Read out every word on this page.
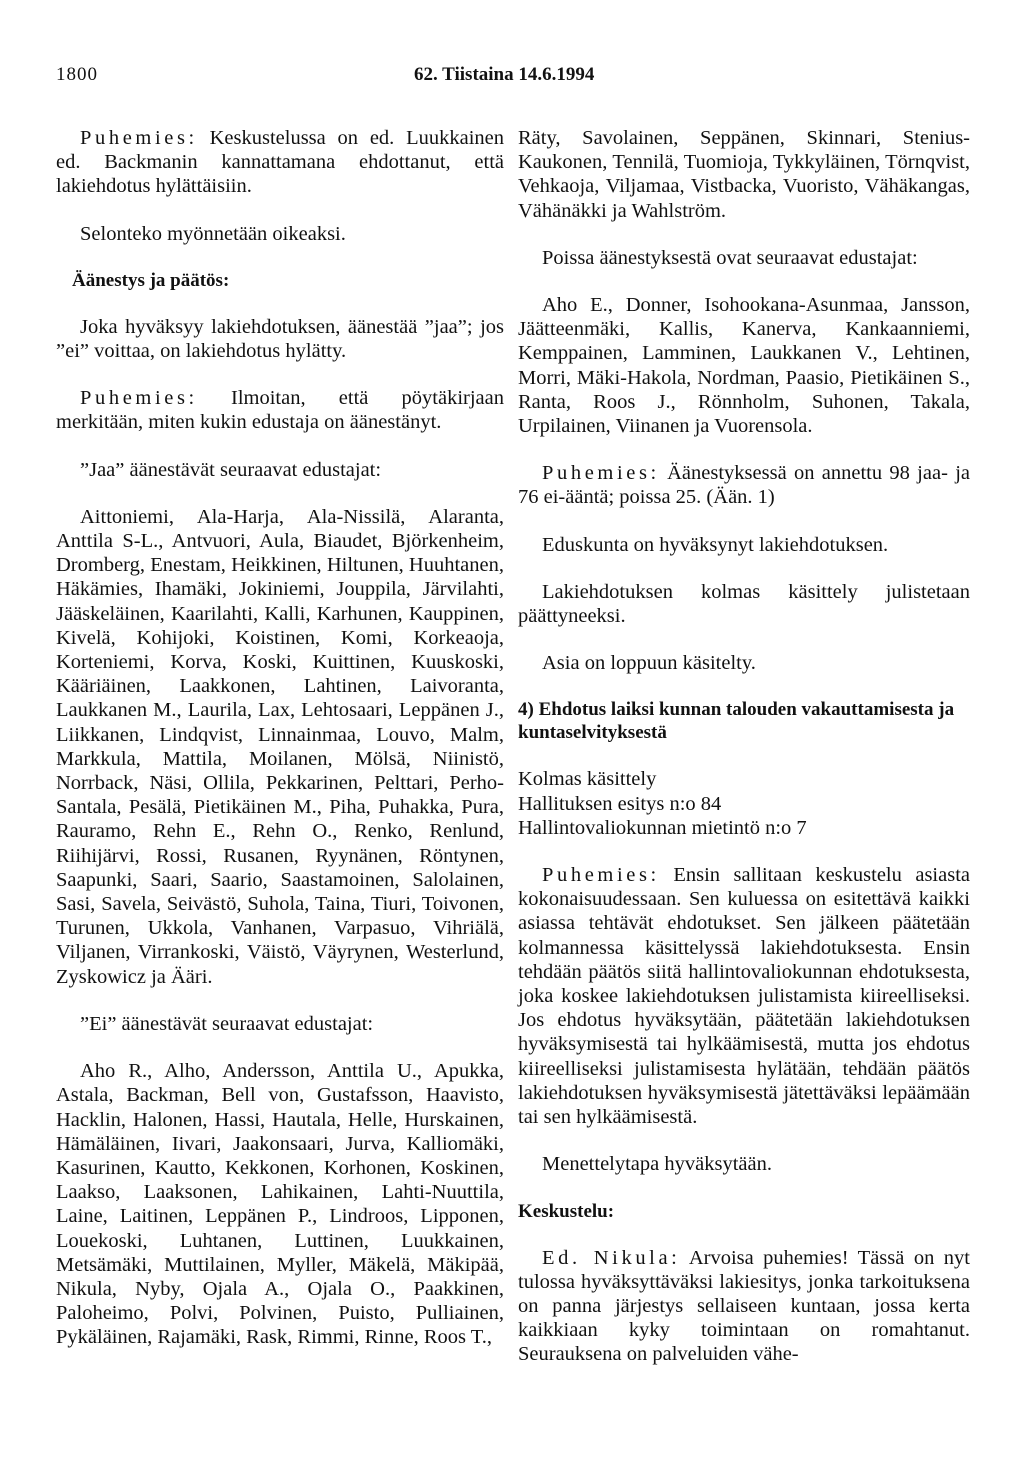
1800	62. Tiistaina 14.6.1994

Puhemies: Keskustelussa on ed. Luukkainen ed. Backmanin kannattamana ehdottanut, että lakiehdotus hylättäisiin.

Selonteko myönnetään oikeaksi.

Äänestys ja päätös:

Joka hyväksyy lakiehdotuksen, äänestää ”jaa”; jos ”ei” voittaa, on lakiehdotus hylätty.

Puhemies: Ilmoitan, että pöytäkirjaan merkitään, miten kukin edustaja on äänestänyt.

”Jaa” äänestävät seuraavat edustajat:

Aittoniemi, Ala-Harja, Ala-Nissilä, Alaranta, Anttila S-L., Antvuori, Aula, Biaudet, Björkenheim, Dromberg, Enestam, Heikkinen, Hiltunen, Huuhtanen, Häkämies, Ihamäki, Jokiniemi, Jouppila, Järvilahti, Jääskeläinen, Kaarilahti, Kalli, Karhunen, Kauppinen, Kivelä, Kohijoki, Koistinen, Komi, Korkeaoja, Korteniemi, Korva, Koski, Kuittinen, Kuuskoski, Kääriäinen, Laakkonen, Lahtinen, Laivoranta, Laukkanen M., Laurila, Lax, Lehtosaari, Leppänen J., Liikkanen, Lindqvist, Linnainmaa, Louvo, Malm, Markkula, Mattila, Moilanen, Mölsä, Niinistö, Norrback, Näsi, Ollila, Pekkarinen, Pelttari, Perho-Santala, Pesälä, Pietikäinen M., Piha, Puhakka, Pura, Rauramo, Rehn E., Rehn O., Renko, Renlund, Riihijärvi, Rossi, Rusanen, Ryynänen, Röntynen, Saapunki, Saari, Saario, Saastamoinen, Salolainen, Sasi, Savela, Seivästö, Suhola, Taina, Tiuri, Toivonen, Turunen, Ukkola, Vanhanen, Varpasuo, Vihriälä, Viljanen, Virrankoski, Väistö, Väyrynen, Westerlund, Zyskowicz ja Ääri.

”Ei” äänestävät seuraavat edustajat:

Aho R., Alho, Andersson, Anttila U., Apukka, Astala, Backman, Bell von, Gustafsson, Haavisto, Hacklin, Halonen, Hassi, Hautala, Helle, Hurskainen, Hämäläinen, Iivari, Jaakonsaari, Jurva, Kalliomäki, Kasurinen, Kautto, Kekkonen, Korhonen, Koskinen, Laakso, Laaksonen, Lahikainen, Lahti-Nuuttila, Laine, Laitinen, Leppänen P., Lindroos, Lipponen, Louekoski, Luhtanen, Luttinen, Luukkainen, Metsämäki, Muttilainen, Myller, Mäkelä, Mäkipää, Nikula, Nyby, Ojala A., Ojala O., Paakkinen, Paloheimo, Polvi, Polvinen, Puisto, Pulliainen, Pykäläinen, Rajamäki, Rask, Rimmi, Rinne, Roos T.,

Räty, Savolainen, Seppänen, Skinnari, Stenius-Kaukonen, Tennilä, Tuomioja, Tykkyläinen, Törnqvist, Vehkaoja, Viljamaa, Vistbacka, Vuoristo, Vähäkangas, Vähänäkki ja Wahlström.

Poissa äänestyksestä ovat seuraavat edustajat:

Aho E., Donner, Isohookana-Asunmaa, Jansson, Jäätteenmäki, Kallis, Kanerva, Kankaanniemi, Kemppainen, Lamminen, Laukkanen V., Lehtinen, Morri, Mäki-Hakola, Nordman, Paasio, Pietikäinen S., Ranta, Roos J., Rönnholm, Suhonen, Takala, Urpilainen, Viinanen ja Vuorensola.

Puhemies: Äänestyksessä on annettu 98 jaa- ja 76 ei-ääntä; poissa 25. (Ään. 1)

Eduskunta on hyväksynyt lakiehdotuksen.

Lakiehdotuksen kolmas käsittely julistetaan päättyneeksi.

Asia on loppuun käsitelty.

4) Ehdotus laiksi kunnan talouden vakauttamisesta ja kuntaselvityksestä
Kolmas käsittely
Hallituksen esitys n:o 84
Hallintovaliokunnan mietintö n:o 7

Puhemies: Ensin sallitaan keskustelu asiasta kokonaisuudessaan. Sen kuluessa on esitettävä kaikki asiassa tehtävät ehdotukset. Sen jälkeen päätetään kolmannessa käsittelyssä lakiehdotuksesta. Ensin tehdään päätös siitä hallintovaliokunnan ehdotuksesta, joka koskee lakiehdotuksen julistamista kiireelliseksi. Jos ehdotus hyväksytään, päätetään lakiehdotuksen hyväksymisestä tai hylkäämisestä, mutta jos ehdotus kiireelliseksi julistamisesta hylätään, tehdään päätös lakiehdotuksen hyväksymisestä jätettäväksi lepäämään tai sen hylkäämisestä.

Menettelytapa hyväksytään.

Keskustelu:

Ed. Nikula: Arvoisa puhemies! Tässä on nyt tulossa hyväksyttäväksi lakiesitys, jonka tarkoituksena on panna järjestys sellaiseen kuntaan, jossa kerta kaikkiaan kyky toimintaan on romahtanut. Seurauksena on palveluiden vähe-
